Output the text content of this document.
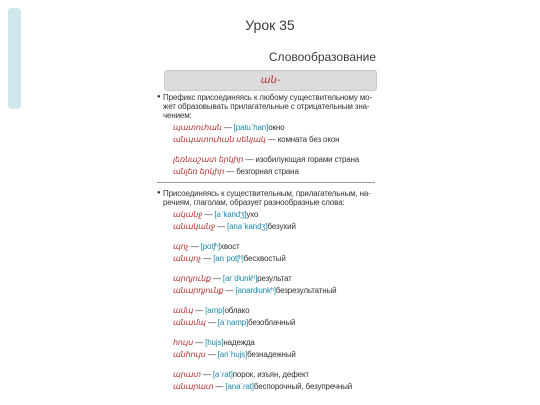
Урок 35
Словообразование
ան-
● Префикс присоединяясь к любому существительному мо-жет образовывать прилагательные с отрицательным зна-чением:
պատուհան — [patuˈhan]окно
անպատուհան սենյակ — комната без окон
լեռնաշատ երկիր — изобилующая горами страна
անլեռ երկիր — безгорная страна
● Присоединяясь к существительным, прилагательным, на-речиям, глаголам, образует разнообразные слова:
ականջ — [aˈkandʒ]ухо
անականջ — [anaˈkandʒ]безухий
պոչ — [potʃʰ]хвост
անպոչ — [anˈpotʃʰ]бесхвостый
արդյունք — [arˈdʲunkʰ]результат
անարդյունք — [anardʲunkʰ]безрезультатный
ամպ — [amp]облако
անամպ — [aˈnamp]безоблачный
հույս — [hujs]надежда
անհույս — [anˈhujs]безнадежный
արատ — [aˈɾat]порок, изъян, дефект
անարատ — [anaˈɾat]беспорочный, безупречный
